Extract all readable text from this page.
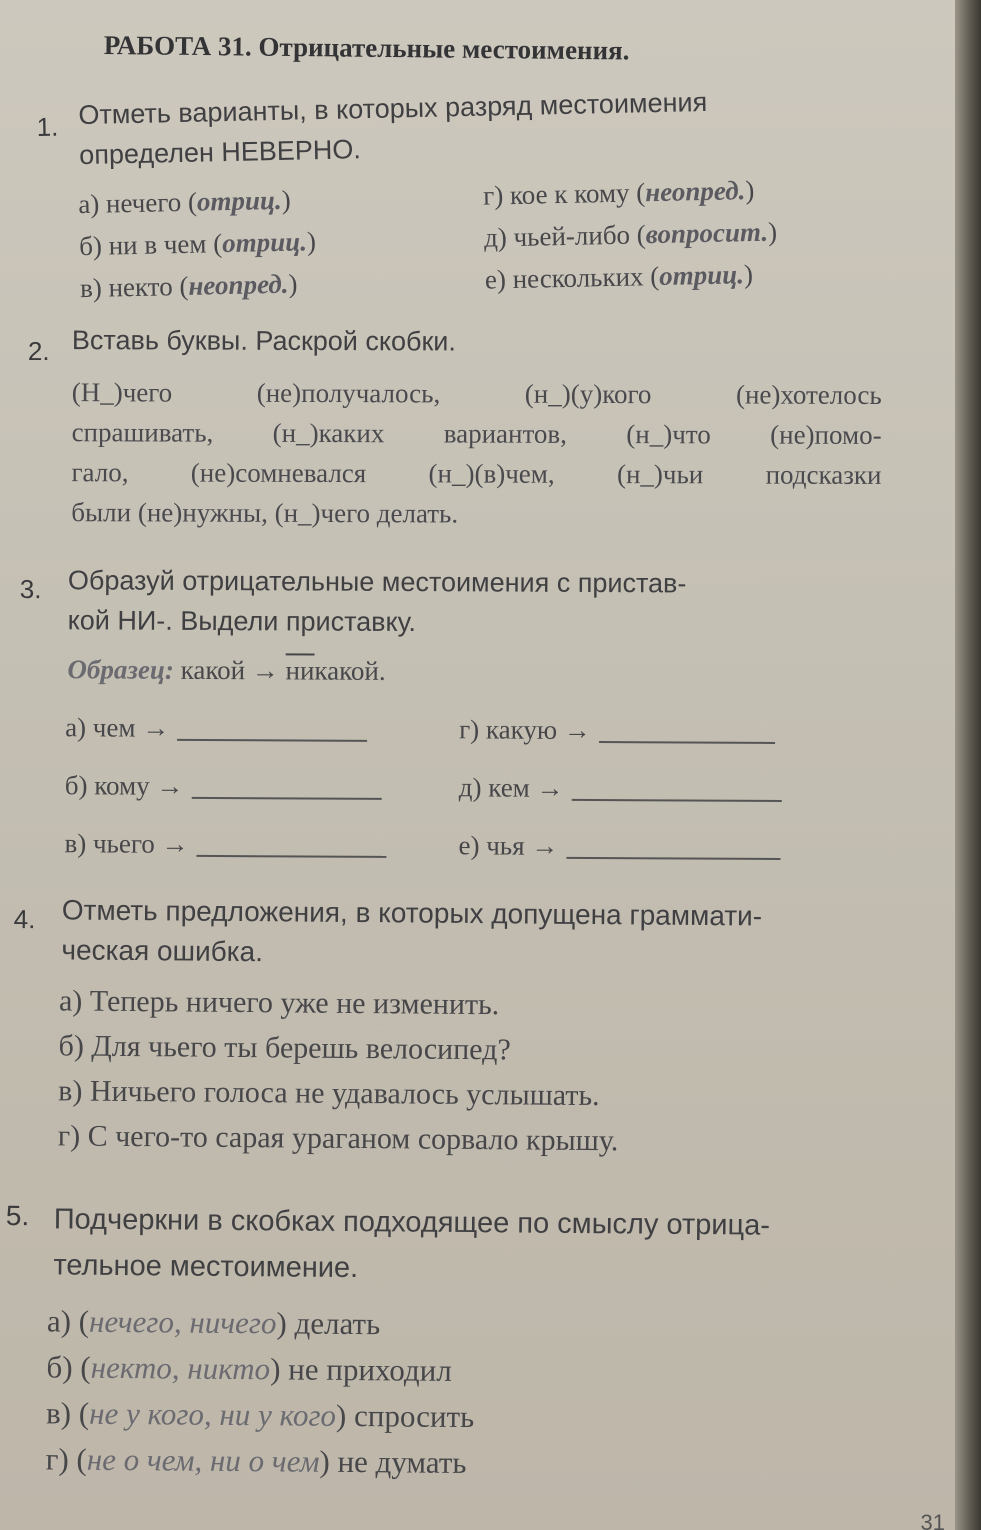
РАБОТА 31. Отрицательные местоимения.
1. Отметь варианты, в которых разряд местоимения
определен НЕВЕРНО.
а) нечего (отриц.)
б) ни в чем (отриц.)
в) некто (неопред.)
г) кое к кому (неопред.)
д) чьей-либо (вопросит.)
е) нескольких (отриц.)
2. Вставь буквы. Раскрой скобки.
(Н_)чего (не)получалось, (н_)(у)кого (не)хотелось
спрашивать, (н_)каких вариантов, (н_)что (не)помо-
гало, (не)сомневался (н_)(в)чем, (н_)чьи подсказки
были (не)нужны, (н_)чего делать.
3. Образуй отрицательные местоимения с пристав-
кой НИ-. Выдели приставку.
Образец: какой → никакой.
а) чем →
б) кому →
в) чьего →
г) какую →
д) кем →
е) чья →
4. Отметь предложения, в которых допущена граммати-
ческая ошибка.
а) Теперь ничего уже не изменить.
б) Для чьего ты берешь велосипед?
в) Ничьего голоса не удавалось услышать.
г) С чего-то сарая ураганом сорвало крышу.
5. Подчеркни в скобках подходящее по смыслу отрица-
тельное местоимение.
а) (нечего, ничего) делать
б) (некто, никто) не приходил
в) (не у кого, ни у кого) спросить
г) (не о чем, ни о чем) не думать
31
